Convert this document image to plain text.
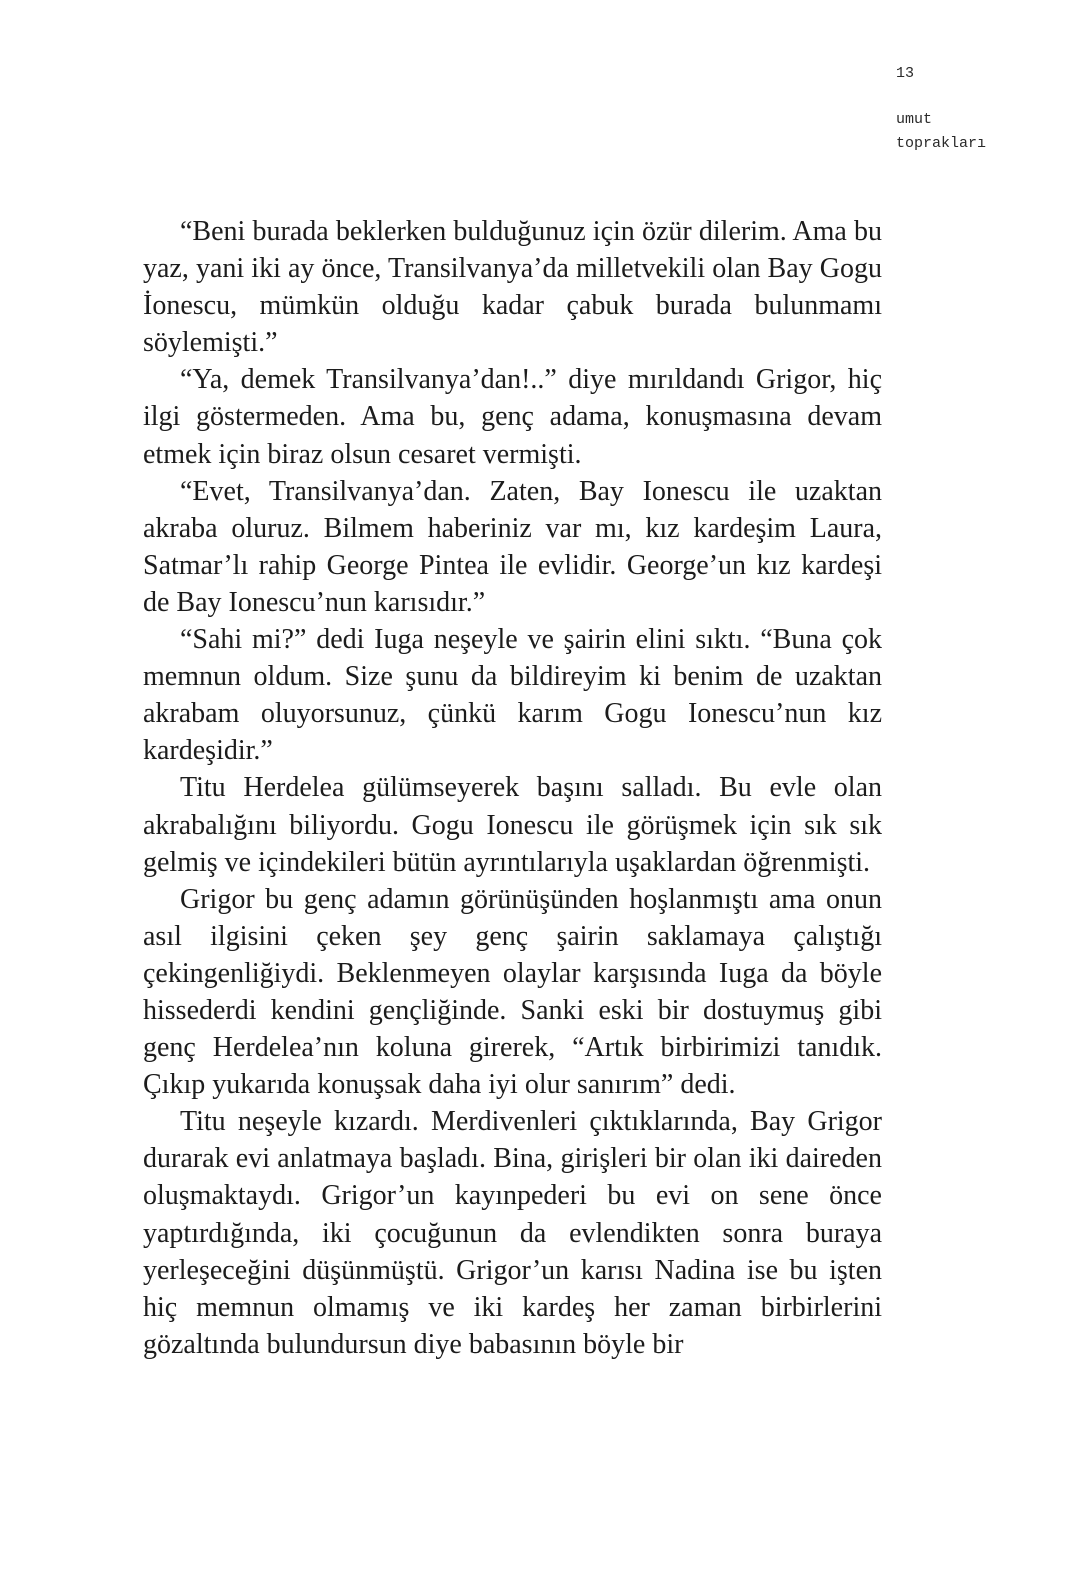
13
umut
toprakları

“Beni burada beklerken bulduğunuz için özür dilerim. Ama bu yaz, yani iki ay önce, Transilvanya’da milletvekili olan Bay Gogu İonescu, mümkün olduğu kadar çabuk burada bulunmamı söylemişti.”

“Ya, demek Transilvanya’dan!..” diye mırıldandı Grigor, hiç ilgi göstermeden. Ama bu, genç adama, konuşmasına devam etmek için biraz olsun cesaret vermişti.

“Evet, Transilvanya’dan. Zaten, Bay Ionescu ile uzaktan akraba oluruz. Bilmem haberiniz var mı, kız kardeşim Laura, Satmar’lı rahip George Pintea ile evlidir. George’un kız kardeşi de Bay Ionescu’nun karısıdır.”

“Sahi mi?” dedi Iuga neşeyle ve şairin elini sıktı. “Buna çok memnun oldum. Size şunu da bildireyim ki benim de uzaktan akrabam oluyorsunuz, çünkü karım Gogu Ionescu’nun kız kardeşidir.”

Titu Herdelea gülümseyerek başını salladı. Bu evle olan akrabalığını biliyordu. Gogu Ionescu ile görüşmek için sık sık gelmiş ve içindekileri bütün ayrıntılarıyla uşaklardan öğrenmişti.

Grigor bu genç adamın görünüşünden hoşlanmıştı ama onun asıl ilgisini çeken şey genç şairin saklamaya çalıştığı çekingenliğiydi. Beklenmeyen olaylar karşısında Iuga da böyle hissederdi kendini gençliğinde. Sanki eski bir dostuymuş gibi genç Herdelea’nın koluna girerek, “Artık birbirimizi tanıdık. Çıkıp yukarıda konuşsak daha iyi olur sanırım” dedi.

Titu neşeyle kızardı. Merdivenleri çıktıklarında, Bay Grigor durarak evi anlatmaya başladı. Bina, girişleri bir olan iki daireden oluşmaktaydı. Grigor’un kayınpederi bu evi on sene önce yaptırdığında, iki çocuğunun da evlendikten sonra buraya yerleşeceğini düşünmüştü. Grigor’un karısı Nadina ise bu işten hiç memnun olmamış ve iki kardeş her zaman birbirlerini gözaltında bulundursun diye babasının böyle bir
